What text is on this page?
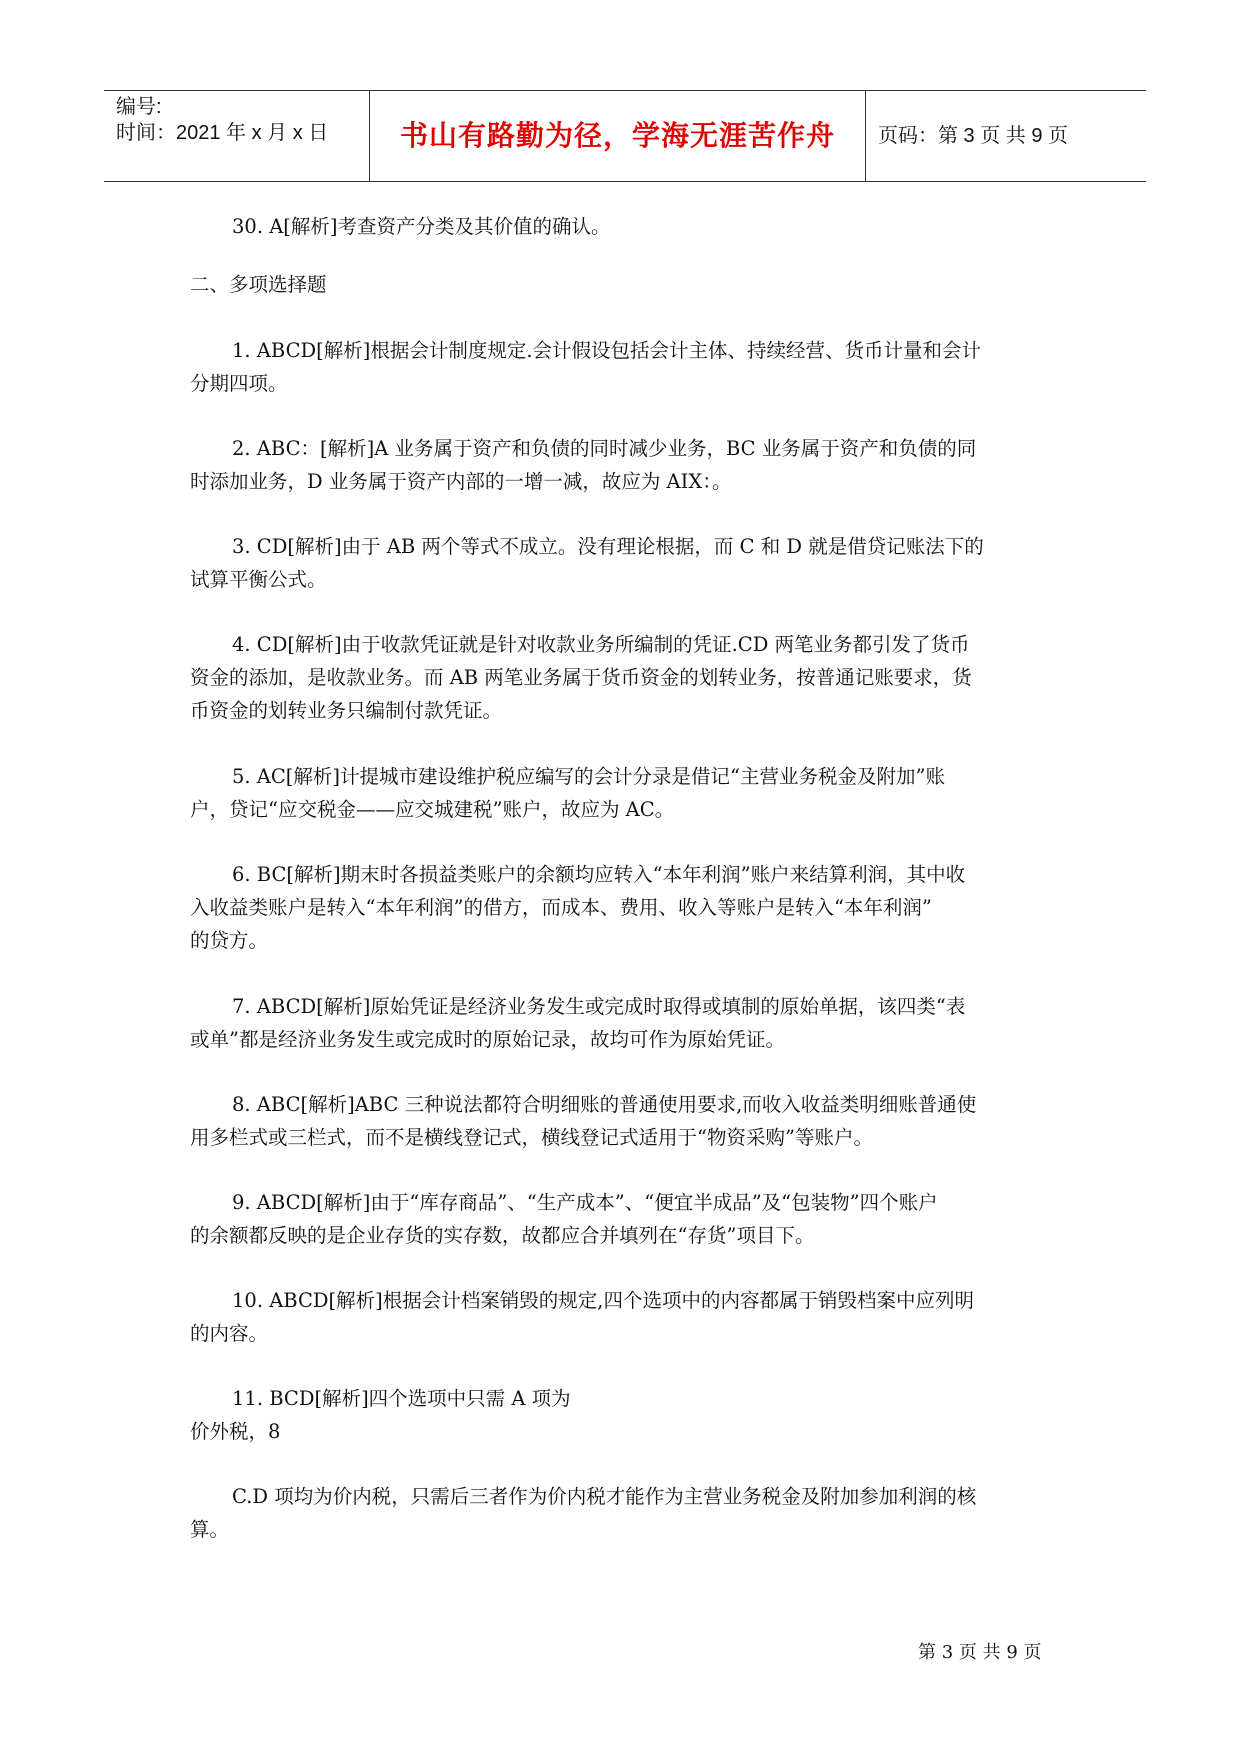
编号:
时间：2021 年 x 月 x 日	书山有路勤为径，学海无涯苦作舟	页码：第 3 页 共 9 页
30. A[解析]考查资产分类及其价值的确认。
二、多项选择题
1. ABCD[解析]根据会计制度规定.会计假设包括会计主体、持续经营、货币计量和会计
分期四项。
2. ABC：[解析]A 业务属于资产和负债的同时减少业务，BC 业务属于资产和负债的同
时添加业务，D 业务属于资产内部的一增一减，故应为 AIX：。
3. CD[解析]由于 AB 两个等式不成立。没有理论根据，而 C 和 D 就是借贷记账法下的
试算平衡公式。
4. CD[解析]由于收款凭证就是针对收款业务所编制的凭证.CD 两笔业务都引发了货币
资金的添加，是收款业务。而 AB 两笔业务属于货币资金的划转业务，按普通记账要求，货
币资金的划转业务只编制付款凭证。
5. AC[解析]计提城市建设维护税应编写的会计分录是借记“主营业务税金及附加”账
户，贷记“应交税金——应交城建税”账户，故应为 AC。
6. BC[解析]期末时各损益类账户的余额均应转入“本年利润”账户来结算利润，其中收
入收益类账户是转入“本年利润”的借方，而成本、费用、收入等账户是转入“本年利润”
的贷方。
7. ABCD[解析]原始凭证是经济业务发生或完成时取得或填制的原始单据，该四类“表
或单”都是经济业务发生或完成时的原始记录，故均可作为原始凭证。
8. ABC[解析]ABC 三种说法都符合明细账的普通使用要求,而收入收益类明细账普通使
用多栏式或三栏式，而不是横线登记式，横线登记式适用于“物资采购”等账户。
9. ABCD[解析]由于“库存商品”、“生产成本”、“便宜半成品”及“包装物”四个账户
的余额都反映的是企业存货的实存数，故都应合并填列在“存货”项目下。
10. ABCD[解析]根据会计档案销毁的规定,四个选项中的内容都属于销毁档案中应列明
的内容。
11. BCD[解析]四个选项中只需 A 项为
价外税，8
C.D 项均为价内税，只需后三者作为价内税才能作为主营业务税金及附加参加利润的核
算。
第 3 页 共 9 页
